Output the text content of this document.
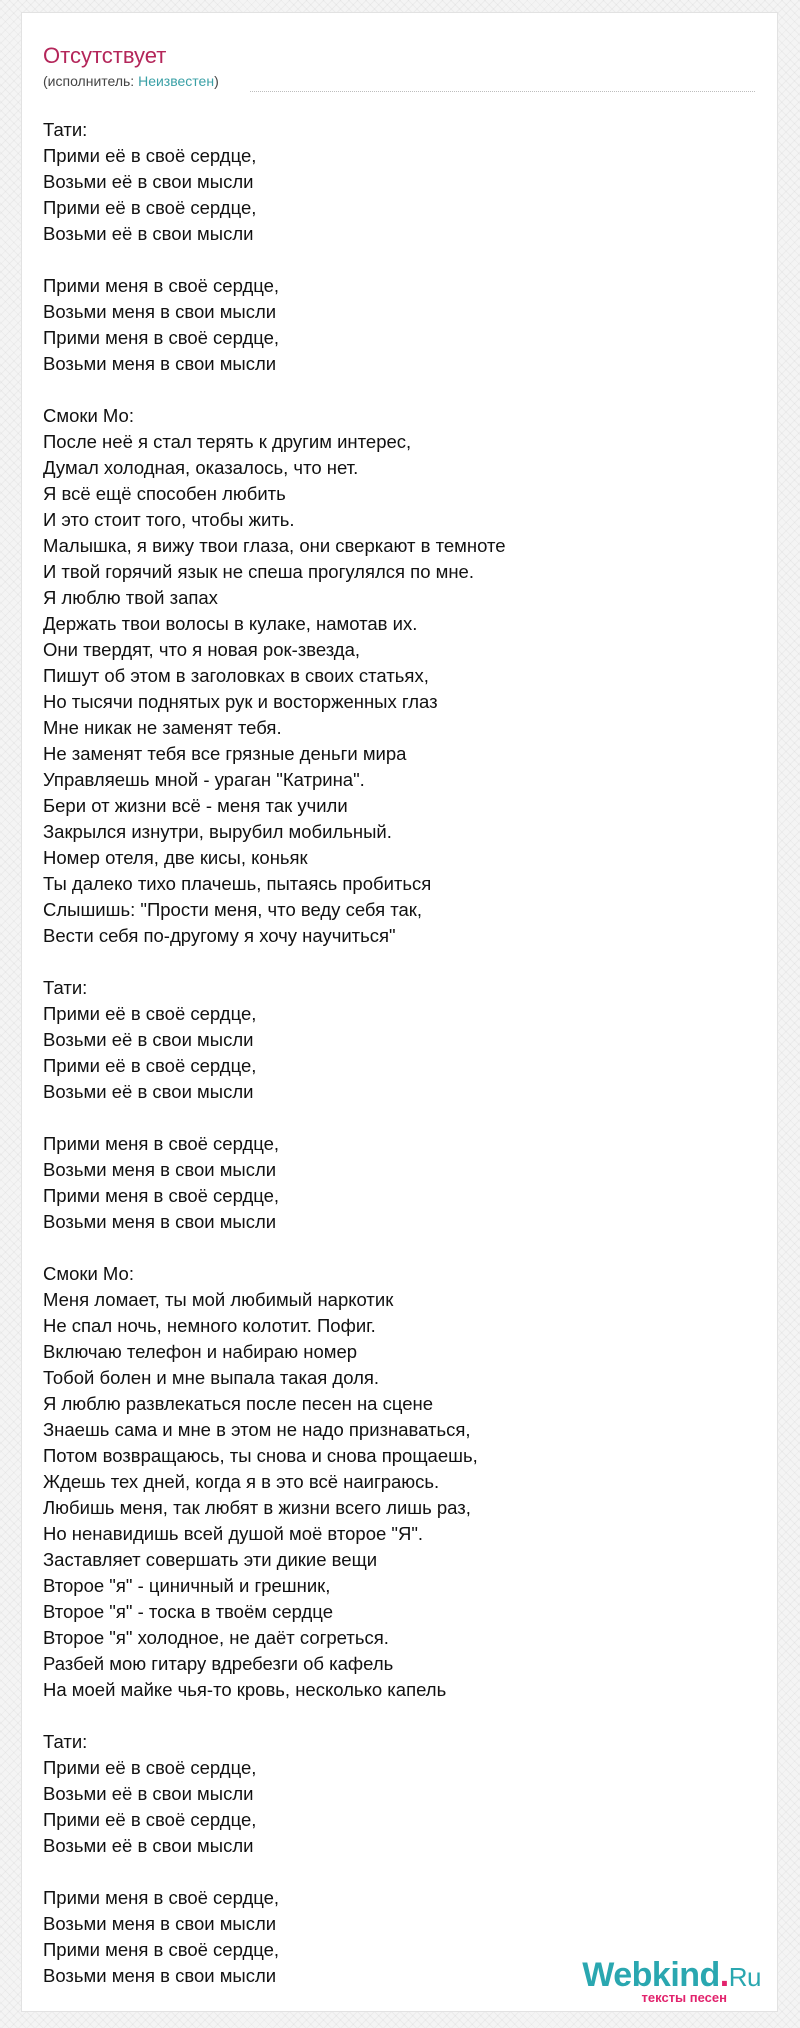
Отсутствует
(исполнитель: Неизвестен)
Тати:
Прими её в своё сердце,
Возьми её в свои мысли
Прими её в своё сердце,
Возьми её в свои мысли
Прими меня в своё сердце,
Возьми меня в свои мысли
Прими меня в своё сердце,
Возьми меня в свои мысли
Смоки Мо:
После неё я стал терять к другим интерес,
Думал холодная, оказалось, что нет.
Я всё ещё способен любить
И это стоит того, чтобы жить.
Малышка, я вижу твои глаза, они сверкают в темноте
И твой горячий язык не спеша прогулялся по мне.
Я люблю твой запах
Держать твои волосы в кулаке, намотав их.
Они твердят, что я новая рок-звезда,
Пишут об этом в заголовках в своих статьях,
Но тысячи поднятых рук и восторженных глаз
Мне никак не заменят тебя.
Не заменят тебя все грязные деньги мира
Управляешь мной - ураган "Катрина".
Бери от жизни всё - меня так учили
Закрылся изнутри, вырубил мобильный.
Номер отеля, две кисы, коньяк
Ты далеко тихо плачешь, пытаясь пробиться
Слышишь: "Прости меня, что веду себя так,
Вести себя по-другому я хочу научиться"
Тати:
Прими её в своё сердце,
Возьми её в свои мысли
Прими её в своё сердце,
Возьми её в свои мысли
Прими меня в своё сердце,
Возьми меня в свои мысли
Прими меня в своё сердце,
Возьми меня в свои мысли
Смоки Мо:
Меня ломает, ты мой любимый наркотик
Не спал ночь, немного колотит. Пофиг.
Включаю телефон и набираю номер
Тобой болен и мне выпала такая доля.
Я люблю развлекаться после песен на сцене
Знаешь сама и мне в этом не надо признаваться,
Потом возвращаюсь, ты снова и снова прощаешь,
Ждешь тех дней, когда я в это всё наиграюсь.
Любишь меня, так любят в жизни всего лишь раз,
Но ненавидишь всей душой моё второе "Я".
Заставляет совершать эти дикие вещи
Второе "я" - циничный и грешник,
Второе "я" - тоска в твоём сердце
Второе "я" холодное, не даёт согреться.
Разбей мою гитару вдребезги об кафель
На моей майке чья-то кровь, несколько капель
Тати:
Прими её в своё сердце,
Возьми её в свои мысли
Прими её в своё сердце,
Возьми её в свои мысли
Прими меня в своё сердце,
Возьми меня в свои мысли
Прими меня в своё сердце,
Возьми меня в свои мысли	Webkind.Ru
тексты песен
